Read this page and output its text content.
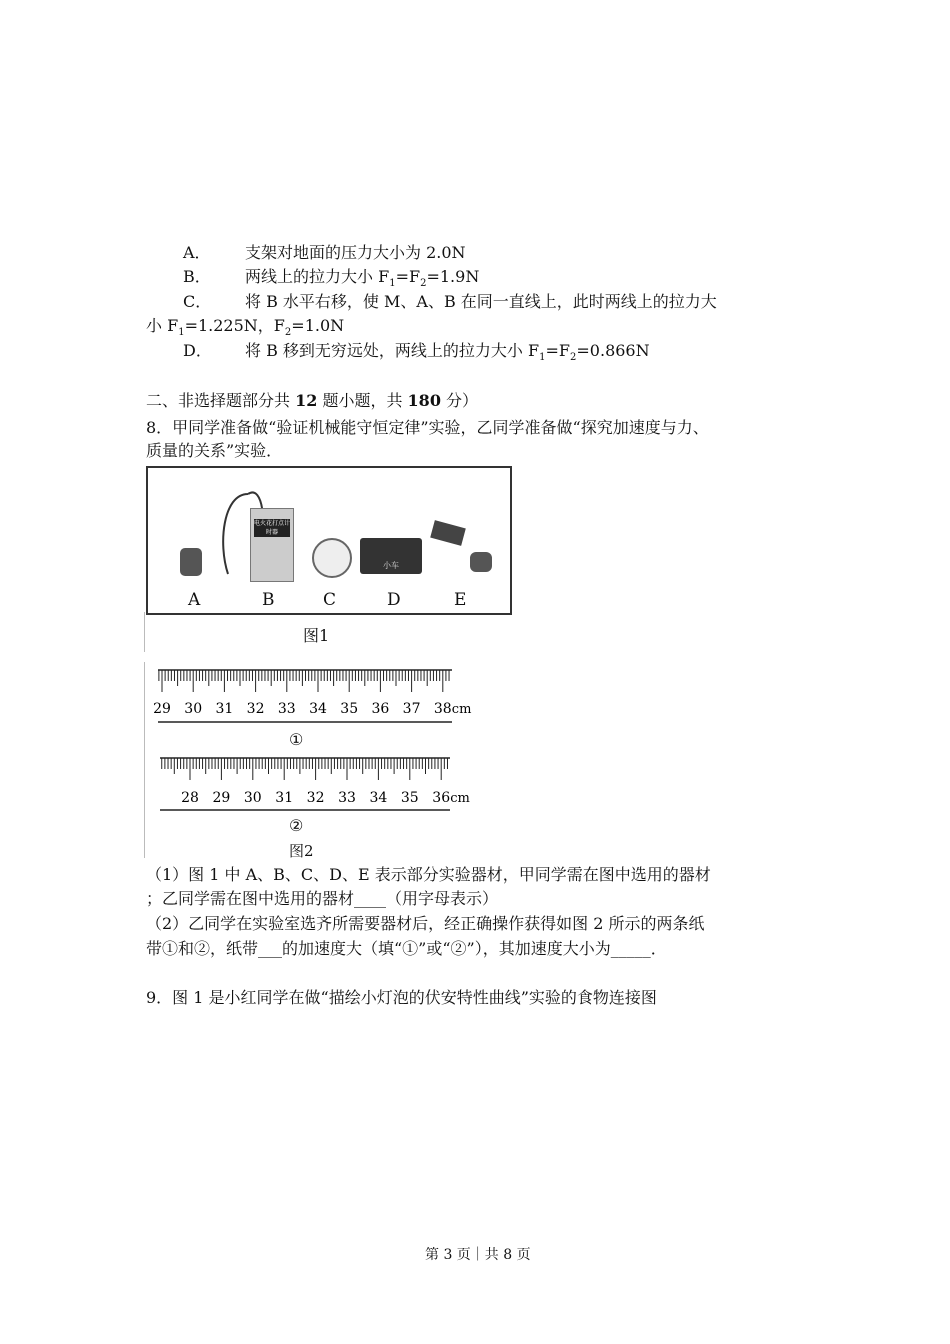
A． 支架对地面的压力大小为 2.0N
B． 两线上的拉力大小 $F_1=F_2=1.9N$
C． 将 B 水平右移，使 M、A、B 在同一直线上，此时两线上的拉力大
小 $F_1=1.225N$，$F_2=1.0N$
D． 将 B 移到无穷远处，两线上的拉力大小 $F_1=F_2=0.866N$
二、非选择题部分共 12 题小题，共 180 分）
8．甲同学准备做“验证机械能守恒定律”实验，乙同学准备做“探究加速度与力、
质量的关系”实验．
电火花打点计时器
小车
A	B	C	D	E
图1
29 30 31 32 33 34 35 36 37 38 cm
28 29 30 31 32 33 34 35 36 cm
①
②
图2
（1）图 1 中 A、B、C、D、E 表示部分实验器材，甲同学需在图中选用的器材
；乙同学需在图中选用的器材____（用字母表示）
（2）乙同学在实验室选齐所需要器材后，经正确操作获得如图 2 所示的两条纸
带①和②，纸带___的加速度大（填“①”或“②”），其加速度大小为_____．
9．图 1 是小红同学在做“描绘小灯泡的伏安特性曲线”实验的食物连接图
第 3 页｜共 8 页
